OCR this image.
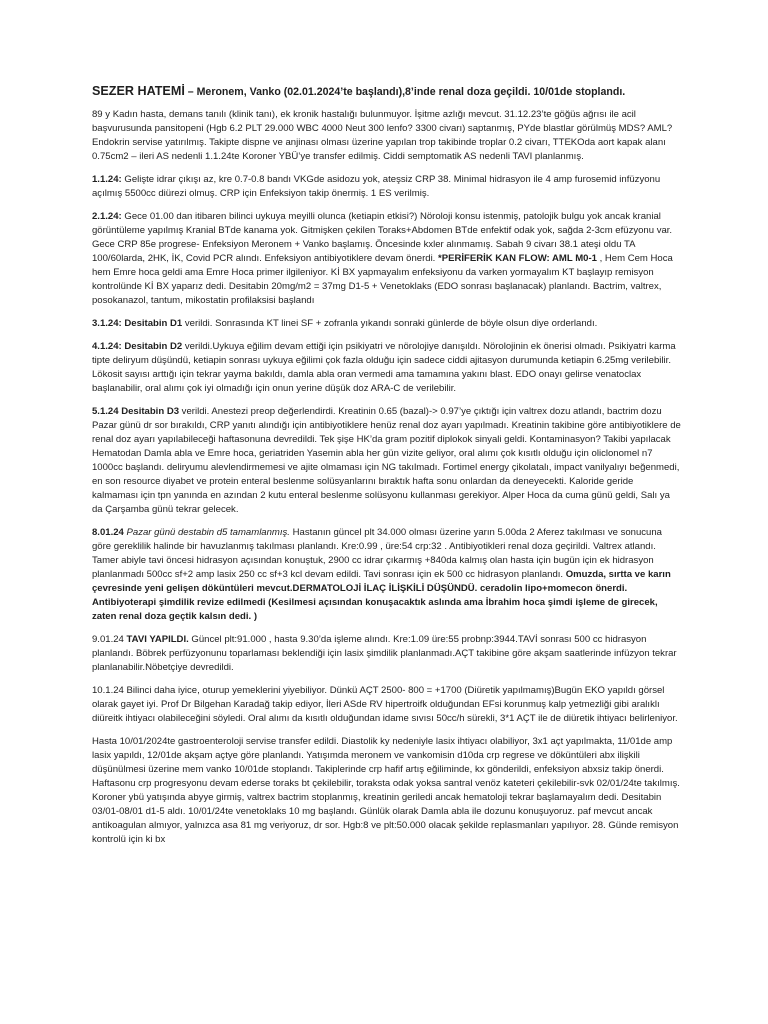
SEZER HATEMİ – Meronem, Vanko (02.01.2024’te başlandı),8’inde renal doza geçildi. 10/01de stoplandı.
89 y Kadın hasta, demans tanılı (klinik tanı), ek kronik hastalığı bulunmuyor. İşitme azlığı mevcut. 31.12.23’te göğüs ağrısı ile acil başvurusunda pansitopeni (Hgb 6.2 PLT 29.000 WBC 4000 Neut 300 lenfo? 3300 civarı) saptanmış, PYde blastlar görülmüş MDS? AML? Endokrin servise yatırılmış. Takipte dispne ve anjinası olması üzerine yapılan trop takibinde troplar 0.2 civarı, TTEKOda aort kapak alanı 0.75cm2 – ileri AS nedenli 1.1.24te Koroner YBÜ’ye transfer edilmiş. Ciddi semptomatik AS nedenli TAVI planlanmış.
1.1.24: Gelişte idrar çıkışı az, kre 0.7-0.8 bandı VKGde asidozu yok, ateşsiz CRP 38. Minimal hidrasyon ile 4 amp furosemid infüzyonu açılmış 5500cc diürezi olmuş. CRP için Enfeksiyon takip önermiş. 1 ES verilmiş.
2.1.24: Gece 01.00 dan itibaren bilinci uykuya meyilli olunca (ketiapin etkisi?) Nöroloji konsu istenmiş, patolojik bulgu yok ancak kranial görüntüleme yapılmış Kranial BTde kanama yok. Gitmişken çekilen Toraks+Abdomen BTde enfektif odak yok, sağda 2-3cm efüzyonu var. Gece CRP 85e progrese- Enfeksiyon Meronem + Vanko başlamış. Öncesinde kxler alınmamış. Sabah 9 civarı 38.1 ateşi oldu TA 100/60larda, 2HK, İK, Covid PCR alındı. Enfeksiyon antibiyotiklere devam önerdi. *PERİFERİK KAN FLOW: AML M0-1 , Hem Cem Hoca hem Emre hoca geldi ama Emre Hoca primer ilgileniyor. Kİ BX yapmayalım enfeksiyonu da varken yormayalım KT başlayıp remisyon kontrolünde Kİ BX yaparız dedi. Desitabin 20mg/m2 = 37mg D1-5 + Venetoklaks (EDO sonrası başlanacak) planlandı. Bactrim, valtrex, posokanazol, tantum, mikostatin profilaksisi başlandı
3.1.24: Desitabin D1 verildi. Sonrasında KT linei SF + zofranla yıkandı sonraki günlerde de böyle olsun diye orderlandı.
4.1.24: Desitabin D2 verildi.Uykuya eğilim devam ettiği için psikiyatri ve nörolojiye danışıldı. Nörolojinin ek önerisi olmadı. Psikiyatri karma tipte deliryum düşündü, ketiapin sonrası uykuya eğilimi çok fazla olduğu için sadece ciddi ajitasyon durumunda ketiapin 6.25mg verilebilir. Lökosit sayısı arttığı için tekrar yayma bakıldı, damla abla oran vermedi ama tamamına yakını blast. EDO onayı gelirse venatoclax başlanabilir, oral alımı çok iyi olmadığı için onun yerine düşük doz ARA-C de verilebilir.
5.1.24 Desitabin D3 verildi. Anestezi preop değerlendirdi. Kreatinin 0.65 (bazal)-> 0.97’ye çıktığı için valtrex dozu atlandı, bactrim dozu Pazar günü dr sor bırakıldı, CRP yanıtı alındığı için antibiyotiklere henüz renal doz ayarı yapılmadı. Kreatinin takibine göre antibiyotiklere de renal doz ayarı yapılabileceği haftasonuna devredildi. Tek şişe HK’da gram pozitif diplokok sinyali geldi. Kontaminasyon? Takibi yapılacak Hematodan Damla abla ve Emre hoca, geriatriden Yasemin abla her gün vizite geliyor, oral alımı çok kısıtlı olduğu için oliclonomel n7 1000cc başlandı. deliryumu alevlendirmemesi ve ajite olmaması için NG takılmadı. Fortimel energy çikolatalı, impact vanilyalıyı beğenmedi, en son resource diyabet ve protein enteral beslenme solüsyanlarını bıraktık hafta sonu onlardan da deneyecekti. Kaloride geride kalmaması için tpn yanında en azından 2 kutu enteral beslenme solüsyonu kullanması gerekiyor. Alper Hoca da cuma günü geldi, Salı ya da Çarşamba günü tekrar gelecek.
8.01.24 Pazar günü destabin d5 tamamlanmış. Hastanın güncel plt 34.000 olması üzerine yarın 5.00da 2 Aferez takılması ve sonucuna göre gereklilik halinde bir havuzlanmış takılması planlandı. Kre:0.99 , üre:54 crp:32 . Antibiyotikleri renal doza geçirildi. Valtrex atlandı. Tamer abiyle tavi öncesi hidrasyon açısından konuştuk, 2900 cc idrar çıkarmış +840da kalmış olan hasta için bugün için ek hidrasyon planlanmadı 500cc sf+2 amp lasix 250 cc sf+3 kcl devam edildi. Tavi sonrası için ek 500 cc hidrasyon planlandı. Omuzda, sırtta ve karın çevresinde yeni gelişen döküntüleri mevcut.DERMATOLOJİ İLAÇ İLİŞKİLİ DÜŞÜNDÜ. ceradolin lipo+momecon önerdi. Antibiyoterapi şimdilik revize edilmedi (Kesilmesi açısından konuşacaktık aslında ama İbrahim hoca şimdi işleme de girecek, zaten renal doza geçtik kalsın dedi. )
9.01.24 TAVI YAPILDI. Güncel plt:91.000 , hasta 9.30’da işleme alındı. Kre:1.09 üre:55 probnp:3944.TAVİ sonrası 500 cc hidrasyon planlandı. Böbrek perfüzyonunu toparlaması beklendiği için lasix şimdilik planlanmadı.AÇT takibine göre akşam saatlerinde infüzyon tekrar planlanabilir.Nöbetçiye devredildi.
10.1.24 Bilinci daha iyice, oturup yemeklerini yiyebiliyor. Dünkü AÇT 2500- 800 = +1700 (Diüretik yapılmamış)Bugün EKO yapıldı görsel olarak gayet iyi. Prof Dr Bilgehan Karadağ takip ediyor, İleri ASde RV hipertroifk olduğundan EFsi korunmuş kalp yetmezliği gibi aralıklı diüreitk ihtiyacı olabileceğini söyledi. Oral alımı da kısıtlı olduğundan idame sıvısı 50cc/h sürekli, 3*1 AÇT ile de diüretik ihtiyacı belirleniyor.
Hasta 10/01/2024te gastroenteroloji servise transfer edildi. Diastolik ky nedeniyle lasix ihtiyacı olabiliyor, 3x1 açt yapılmakta, 11/01de amp lasix yapıldı, 12/01de akşam açtye göre planlandı. Yatışımda meronem ve vankomisin d10da crp regrese ve döküntüleri abx ilişkili düşünülmesi üzerine mem vanko 10/01de stoplandı. Takiplerinde crp hafif artış eğiliminde, kx gönderildi, enfeksiyon abxsiz takip önerdi. Haftasonu crp progresyonu devam ederse toraks bt çekilebilir, toraksta odak yoksa santral venöz kateteri çekilebilir-svk 02/01/24te takılmış. Koroner ybü yatışında abyye girmiş, valtrex bactrim stoplanmış, kreatinin geriledi ancak hematoloji tekrar başlamayalım dedi. Desitabin 03/01-08/01 d1-5 aldı. 10/01/24te venetoklaks 10 mg başlandı. Günlük olarak Damla abla ile dozunu konuşuyoruz. paf mevcut ancak antikoagulan almıyor, yalnızca asa 81 mg veriyoruz, dr sor. Hgb:8 ve plt:50.000 olacak şekilde replasmanları yapılıyor. 28. Günde remisyon kontrolü için ki bx
